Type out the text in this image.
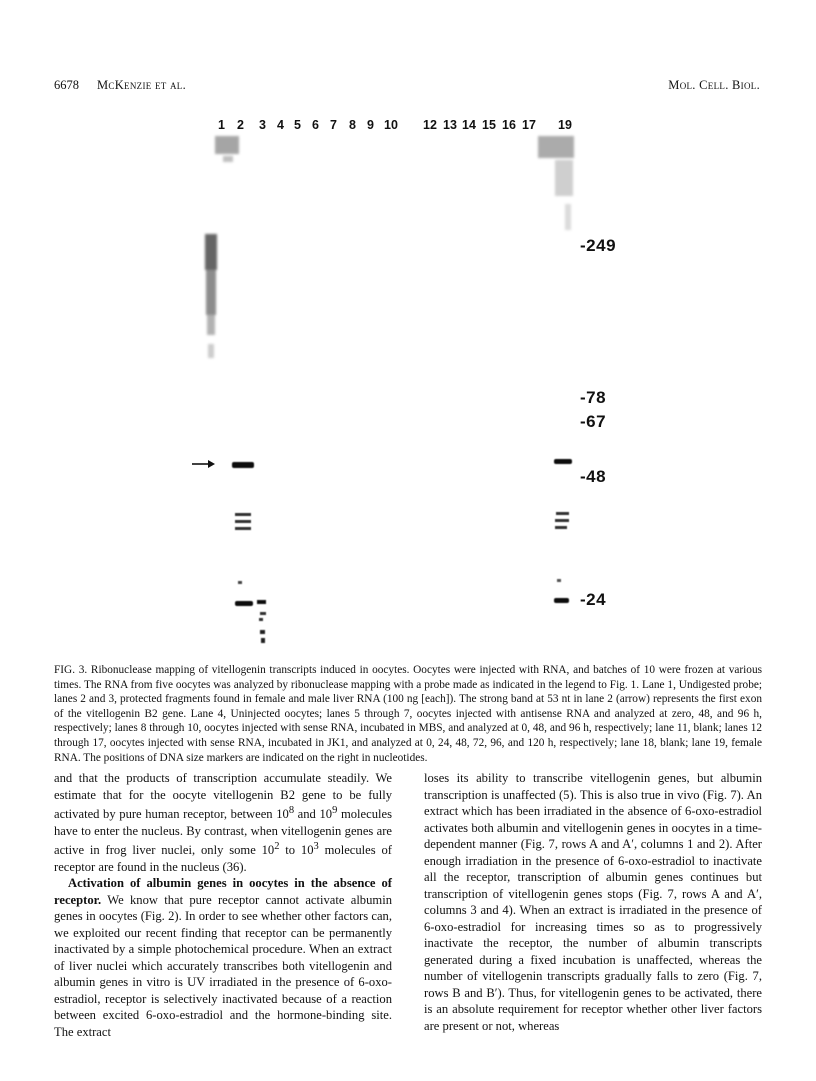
6678 McKenzie et al.	Mol. Cell. Biol.
1 2 3 4 5 6 7 8 9 10 12 13 14 15 16 17 19
-249
-78
-67
-48
-24
FIG. 3. Ribonuclease mapping of vitellogenin transcripts induced in oocytes. Oocytes were injected with RNA, and batches of 10 were frozen at various times. The RNA from five oocytes was analyzed by ribonuclease mapping with a probe made as indicated in the legend to Fig. 1. Lane 1, Undigested probe; lanes 2 and 3, protected fragments found in female and male liver RNA (100 ng [each]). The strong band at 53 nt in lane 2 (arrow) represents the first exon of the vitellogenin B2 gene. Lane 4, Uninjected oocytes; lanes 5 through 7, oocytes injected with antisense RNA and analyzed at zero, 48, and 96 h, respectively; lanes 8 through 10, oocytes injected with sense RNA, incubated in MBS, and analyzed at 0, 48, and 96 h, respectively; lane 11, blank; lanes 12 through 17, oocytes injected with sense RNA, incubated in JK1, and analyzed at 0, 24, 48, 72, 96, and 120 h, respectively; lane 18, blank; lane 19, female RNA. The positions of DNA size markers are indicated on the right in nucleotides.

and that the products of transcription accumulate steadily. We estimate that for the oocyte vitellogenin B2 gene to be fully activated by pure human receptor, between $10^8$ and $10^9$ molecules have to enter the nucleus. By contrast, when vitellogenin genes are active in frog liver nuclei, only some $10^2$ to $10^3$ molecules of receptor are found in the nucleus (36).

Activation of albumin genes in oocytes in the absence of receptor. We know that pure receptor cannot activate albumin genes in oocytes (Fig. 2). In order to see whether other factors can, we exploited our recent finding that receptor can be permanently inactivated by a simple photochemical procedure. When an extract of liver nuclei which accurately transcribes both vitellogenin and albumin genes in vitro is UV irradiated in the presence of 6-oxo-estradiol, receptor is selectively inactivated because of a reaction between excited 6-oxo-estradiol and the hormone-binding site. The extract

loses its ability to transcribe vitellogenin genes, but albumin transcription is unaffected (5). This is also true in vivo (Fig. 7). An extract which has been irradiated in the absence of 6-oxo-estradiol activates both albumin and vitellogenin genes in oocytes in a time-dependent manner (Fig. 7, rows A and A′, columns 1 and 2). After enough irradiation in the presence of 6-oxo-estradiol to inactivate all the receptor, transcription of albumin genes continues but transcription of vitellogenin genes stops (Fig. 7, rows A and A′, columns 3 and 4). When an extract is irradiated in the presence of 6-oxo-estradiol for increasing times so as to progressively inactivate the receptor, the number of albumin transcripts generated during a fixed incubation is unaffected, whereas the number of vitellogenin transcripts gradually falls to zero (Fig. 7, rows B and B′). Thus, for vitellogenin genes to be activated, there is an absolute requirement for receptor whether other liver factors are present or not, whereas
